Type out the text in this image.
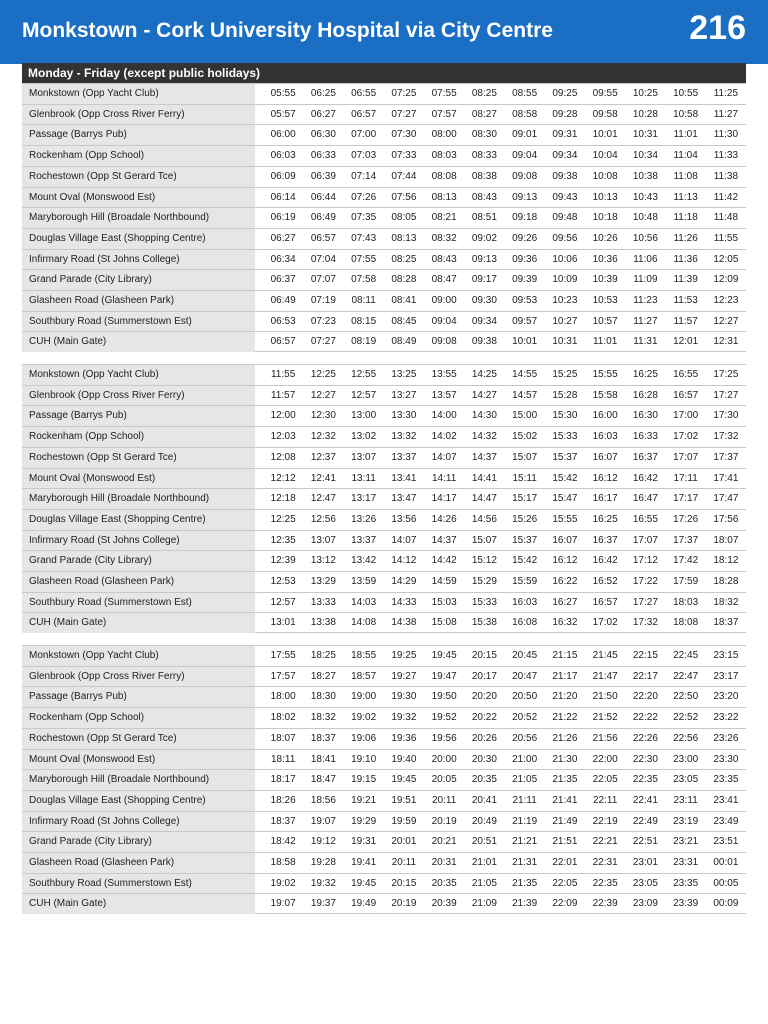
Monkstown - Cork University Hospital via City Centre	216
Monday - Friday (except public holidays)
Monkstown (Opp Yacht Club)	05:55	06:25	06:55	07:25	07:55	08:25	08:55	09:25	09:55	10:25	10:55	11:25
Glenbrook (Opp Cross River Ferry)	05:57	06:27	06:57	07:27	07:57	08:27	08:58	09:28	09:58	10:28	10:58	11:27
Passage (Barrys Pub)	06:00	06:30	07:00	07:30	08:00	08:30	09:01	09:31	10:01	10:31	11:01	11:30
Rockenham (Opp School)	06:03	06:33	07:03	07:33	08:03	08:33	09:04	09:34	10:04	10:34	11:04	11:33
Rochestown (Opp St Gerard Tce)	06:09	06:39	07:14	07:44	08:08	08:38	09:08	09:38	10:08	10:38	11:08	11:38
Mount Oval (Monswood Est)	06:14	06:44	07:26	07:56	08:13	08:43	09:13	09:43	10:13	10:43	11:13	11:42
Maryborough Hill (Broadale Northbound)	06:19	06:49	07:35	08:05	08:21	08:51	09:18	09:48	10:18	10:48	11:18	11:48
Douglas Village East (Shopping Centre)	06:27	06:57	07:43	08:13	08:32	09:02	09:26	09:56	10:26	10:56	11:26	11:55
Infirmary Road (St Johns College)	06:34	07:04	07:55	08:25	08:43	09:13	09:36	10:06	10:36	11:06	11:36	12:05
Grand Parade (City Library)	06:37	07:07	07:58	08:28	08:47	09:17	09:39	10:09	10:39	11:09	11:39	12:09
Glasheen Road (Glasheen Park)	06:49	07:19	08:11	08:41	09:00	09:30	09:53	10:23	10:53	11:23	11:53	12:23
Southbury Road (Summerstown Est)	06:53	07:23	08:15	08:45	09:04	09:34	09:57	10:27	10:57	11:27	11:57	12:27
CUH (Main Gate)	06:57	07:27	08:19	08:49	09:08	09:38	10:01	10:31	11:01	11:31	12:01	12:31
Monkstown (Opp Yacht Club)	11:55	12:25	12:55	13:25	13:55	14:25	14:55	15:25	15:55	16:25	16:55	17:25
Glenbrook (Opp Cross River Ferry)	11:57	12:27	12:57	13:27	13:57	14:27	14:57	15:28	15:58	16:28	16:57	17:27
Passage (Barrys Pub)	12:00	12:30	13:00	13:30	14:00	14:30	15:00	15:30	16:00	16:30	17:00	17:30
Rockenham (Opp School)	12:03	12:32	13:02	13:32	14:02	14:32	15:02	15:33	16:03	16:33	17:02	17:32
Rochestown (Opp St Gerard Tce)	12:08	12:37	13:07	13:37	14:07	14:37	15:07	15:37	16:07	16:37	17:07	17:37
Mount Oval (Monswood Est)	12:12	12:41	13:11	13:41	14:11	14:41	15:11	15:42	16:12	16:42	17:11	17:41
Maryborough Hill (Broadale Northbound)	12:18	12:47	13:17	13:47	14:17	14:47	15:17	15:47	16:17	16:47	17:17	17:47
Douglas Village East (Shopping Centre)	12:25	12:56	13:26	13:56	14:26	14:56	15:26	15:55	16:25	16:55	17:26	17:56
Infirmary Road (St Johns College)	12:35	13:07	13:37	14:07	14:37	15:07	15:37	16:07	16:37	17:07	17:37	18:07
Grand Parade (City Library)	12:39	13:12	13:42	14:12	14:42	15:12	15:42	16:12	16:42	17:12	17:42	18:12
Glasheen Road (Glasheen Park)	12:53	13:29	13:59	14:29	14:59	15:29	15:59	16:22	16:52	17:22	17:59	18:28
Southbury Road (Summerstown Est)	12:57	13:33	14:03	14:33	15:03	15:33	16:03	16:27	16:57	17:27	18:03	18:32
CUH (Main Gate)	13:01	13:38	14:08	14:38	15:08	15:38	16:08	16:32	17:02	17:32	18:08	18:37
Monkstown (Opp Yacht Club)	17:55	18:25	18:55	19:25	19:45	20:15	20:45	21:15	21:45	22:15	22:45	23:15
Glenbrook (Opp Cross River Ferry)	17:57	18:27	18:57	19:27	19:47	20:17	20:47	21:17	21:47	22:17	22:47	23:17
Passage (Barrys Pub)	18:00	18:30	19:00	19:30	19:50	20:20	20:50	21:20	21:50	22:20	22:50	23:20
Rockenham (Opp School)	18:02	18:32	19:02	19:32	19:52	20:22	20:52	21:22	21:52	22:22	22:52	23:22
Rochestown (Opp St Gerard Tce)	18:07	18:37	19:06	19:36	19:56	20:26	20:56	21:26	21:56	22:26	22:56	23:26
Mount Oval (Monswood Est)	18:11	18:41	19:10	19:40	20:00	20:30	21:00	21:30	22:00	22:30	23:00	23:30
Maryborough Hill (Broadale Northbound)	18:17	18:47	19:15	19:45	20:05	20:35	21:05	21:35	22:05	22:35	23:05	23:35
Douglas Village East (Shopping Centre)	18:26	18:56	19:21	19:51	20:11	20:41	21:11	21:41	22:11	22:41	23:11	23:41
Infirmary Road (St Johns College)	18:37	19:07	19:29	19:59	20:19	20:49	21:19	21:49	22:19	22:49	23:19	23:49
Grand Parade (City Library)	18:42	19:12	19:31	20:01	20:21	20:51	21:21	21:51	22:21	22:51	23:21	23:51
Glasheen Road (Glasheen Park)	18:58	19:28	19:41	20:11	20:31	21:01	21:31	22:01	22:31	23:01	23:31	00:01
Southbury Road (Summerstown Est)	19:02	19:32	19:45	20:15	20:35	21:05	21:35	22:05	22:35	23:05	23:35	00:05
CUH (Main Gate)	19:07	19:37	19:49	20:19	20:39	21:09	21:39	22:09	22:39	23:09	23:39	00:09
